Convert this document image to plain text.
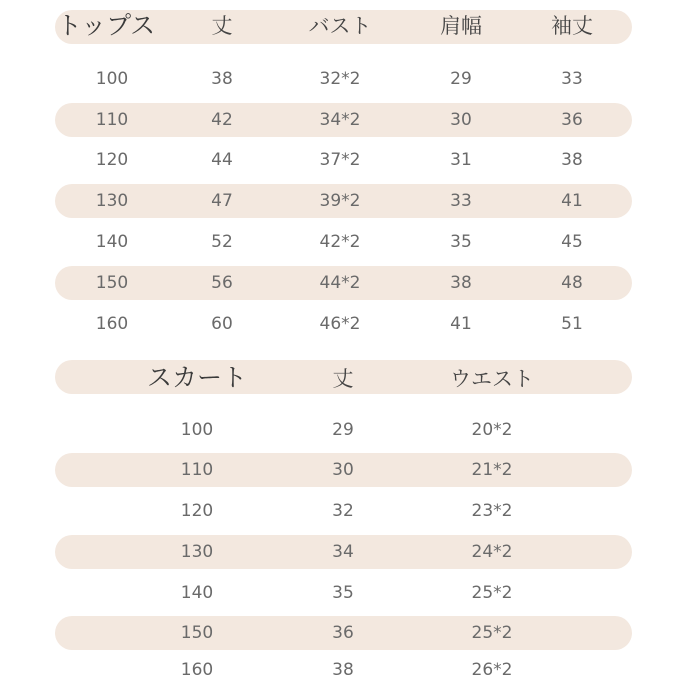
トップス	丈	バスト	肩幅	袖丈
100	38	32*2	29	33
110	42	34*2	30	36
120	44	37*2	31	38
130	47	39*2	33	41
140	52	42*2	35	45
150	56	44*2	38	48
160	60	46*2	41	51
スカート	丈	ウエスト
100	29	20*2
110	30	21*2
120	32	23*2
130	34	24*2
140	35	25*2
150	36	25*2
160	38	26*2
